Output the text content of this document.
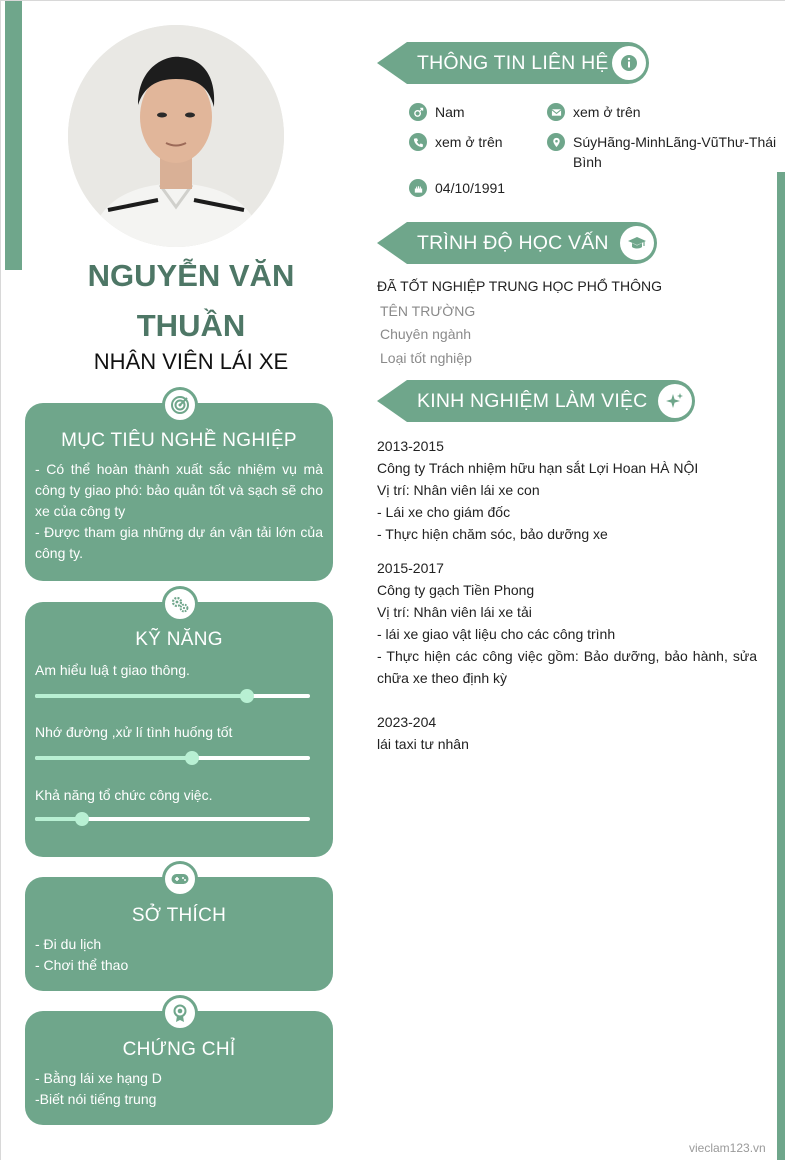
NGUYỄN VĂN THUẦN
NHÂN VIÊN LÁI XE
MỤC TIÊU NGHỀ NGHIỆP

- Có thể hoàn thành xuất sắc nhiệm vụ mà công ty giao phó: bảo quản tốt và sạch sẽ cho xe của công ty

- Được tham gia những dự án vận tải lớn của công ty.

KỸ NĂNG
Am hiểu luậ t giao thông.
Nhớ đường ,xử lí tình huống tốt
Khả năng tổ chức công việc.
SỞ THÍCH

- Đi du lịch

- Chơi thể thao

CHỨNG CHỈ

- Bằng lái xe hạng D

-Biết nói tiếng trung

THÔNG TIN LIÊN HỆ
Nam	xem ở trên
xem ở trên	SúyHãng-MinhLãng-VũThư-Thái
Bình
04/10/1991
TRÌNH ĐỘ HỌC VẤN
ĐÃ TỐT NGHIỆP TRUNG HỌC PHỔ THÔNG
TÊN TRƯỜNG
Chuyên ngành
Loại tốt nghiệp
KINH NGHIỆM LÀM VIỆC
2013-2015
Công ty Trách nhiệm hữu hạn sắt Lợi Hoan HÀ NỘI
Vị trí: Nhân viên lái xe con
- Lái xe cho giám đốc
- Thực hiện chăm sóc, bảo dưỡng xe
2015-2017
Công ty gạch Tiền Phong
Vị trí: Nhân viên lái xe tải
- lái xe giao vật liệu cho các công trình
- Thực hiện các công việc gồm: Bảo dưỡng, bảo hành, sửa chữa xe theo định kỳ
2023-204
lái taxi tư nhân
vieclam123.vn
